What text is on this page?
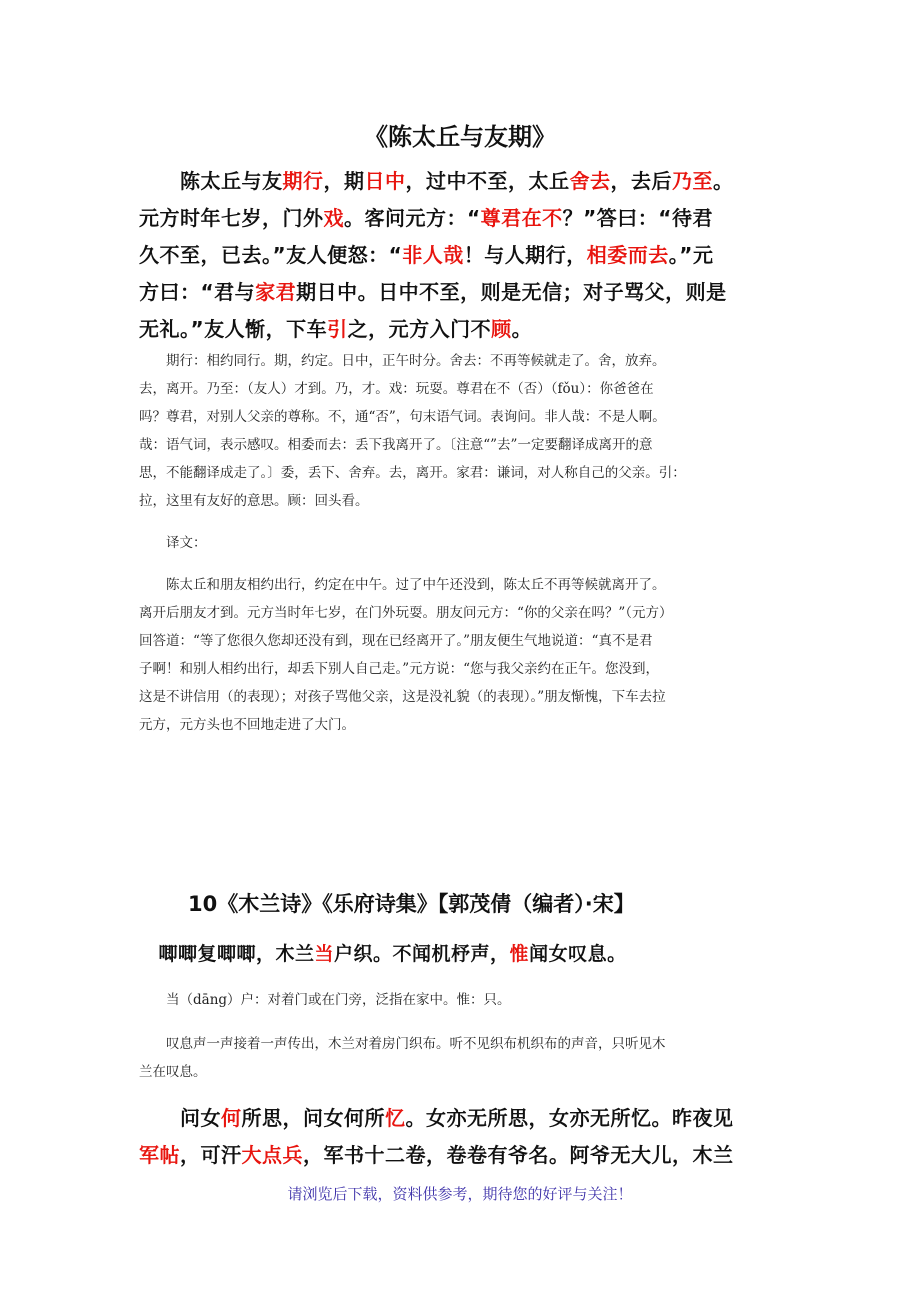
《陈太丘与友期》
　　陈太丘与友期行，期日中，过中不至，太丘舍去，去后乃至。
元方时年七岁，门外戏。客问元方：“尊君在不？”答曰：“待君
久不至，已去。”友人便怒：“非人哉！与人期行，相委而去。”元
方曰：“君与家君期日中。日中不至，则是无信；对子骂父，则是
无礼。”友人惭，下车引之，元方入门不顾。
　　期行：相约同行。期，约定。日中，正午时分。舍去：不再等候就走了。舍，放弃。
去，离开。乃至：（友人）才到。乃，才。戏：玩耍。尊君在不（否）（fǒu）：你爸爸在
吗？尊君，对别人父亲的尊称。不，通“否”，句末语气词。表询问。非人哉：不是人啊。
哉：语气词，表示感叹。相委而去：丢下我离开了。〔注意“”去”一定要翻译成离开的意
思，不能翻译成走了。〕委，丢下、舍弃。去，离开。家君：谦词，对人称自己的父亲。引：
拉，这里有友好的意思。顾：回头看。
　　译文：
　　陈太丘和朋友相约出行，约定在中午。过了中午还没到，陈太丘不再等候就离开了。
离开后朋友才到。元方当时年七岁，在门外玩耍。朋友问元方：“你的父亲在吗？”（元方）
回答道：“等了您很久您却还没有到，现在已经离开了。”朋友便生气地说道：“真不是君
子啊！和别人相约出行，却丢下别人自己走。”元方说：“您与我父亲约在正午。您没到，
这是不讲信用（的表现）；对孩子骂他父亲，这是没礼貌（的表现）。”朋友惭愧，下车去拉
元方，元方头也不回地走进了大门。
10《木兰诗》《乐府诗集》【郭茂倩（编者）·宋】
　唧唧复唧唧，木兰当户织。不闻机杼声，惟闻女叹息。
　　当（dāng）户：对着门或在门旁，泛指在家中。惟：只。
　　叹息声一声接着一声传出，木兰对着房门织布。听不见织布机织布的声音，只听见木
兰在叹息。
　　问女何所思，问女何所忆。女亦无所思，女亦无所忆。昨夜见
军帖，可汗大点兵，军书十二卷，卷卷有爷名。阿爷无大儿，木兰
请浏览后下载，资料供参考，期待您的好评与关注！
